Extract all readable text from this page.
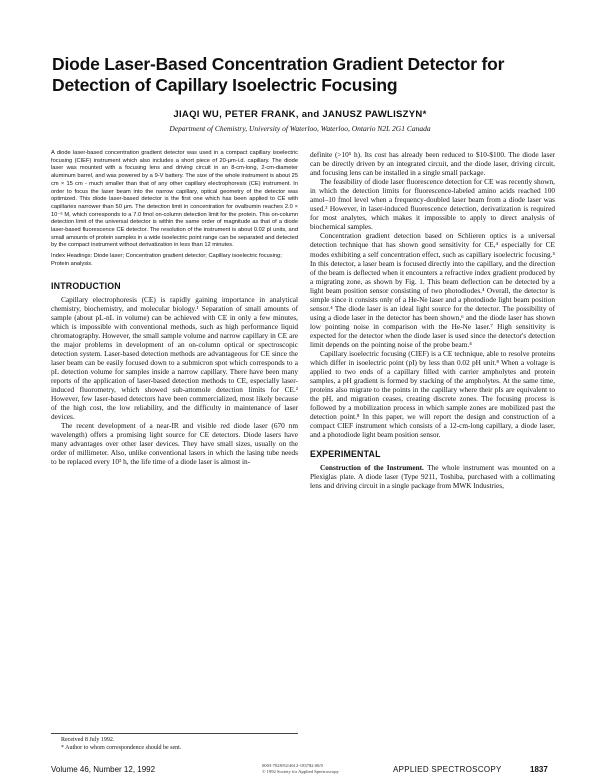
Diode Laser-Based Concentration Gradient Detector for Detection of Capillary Isoelectric Focusing
JIAQI WU, PETER FRANK, and JANUSZ PAWLISZYN*
Department of Chemistry, University of Waterloo, Waterloo, Ontario N2L 2G1 Canada

A diode laser-based concentration gradient detector was used in a compact capillary isoelectric focusing (CIEF) instrument which also includes a short piece of 20-μm-i.d. capillary. The diode laser was mounted with a focusing lens and driving circuit in an 8-cm-long, 2-cm-diameter aluminum barrel, and was powered by a 9-V battery. The size of the whole instrument is about 25 cm × 15 cm - much smaller than that of any other capillary electrophoresis (CE) instrument. In order to focus the laser beam into the narrow capillary, optical geometry of the detector was optimized. This diode laser-based detector is the first one which has been applied to CE with capillaries narrower than 50 μm. The detection limit in concentration for ovalbumin reaches 2.0 × 10⁻⁶ M, which corresponds to a 7.0 fmol on-column detection limit for the protein. This on-column detection limit of the universal detector is within the same order of magnitude as that of a diode laser-based fluorescence CE detector. The resolution of the instrument is about 0.02 pI units, and small amounts of protein samples in a wide isoelectric point range can be separated and detected by the compact instrument without derivatization in less than 12 minutes.

Index Headings: Diode laser; Concentration gradient detector; Capillary isoelectric focusing; Protein analysis.

INTRODUCTION

Capillary electrophoresis (CE) is rapidly gaining importance in analytical chemistry, biochemistry, and molecular biology.¹ Separation of small amounts of sample (about pL-nL in volume) can be achieved with CE in only a few minutes, which is impossible with conventional methods, such as high performance liquid chromatography. However, the small sample volume and narrow capillary in CE are the major problems in development of an on-column optical or spectroscopic detection system. Laser-based detection methods are advantageous for CE since the laser beam can be easily focused down to a submicron spot which corresponds to a pL detection volume for samples inside a narrow capillary. There have been many reports of the application of laser-based detection methods to CE, especially laser-induced fluorometry, which showed sub-attomole detection limits for CE.² However, few laser-based detectors have been commercialized, most likely because of the high cost, the low reliability, and the difficulty in maintenance of laser devices.

The recent development of a near-IR and visible red diode laser (670 nm wavelength) offers a promising light source for CE detectors. Diode lasers have many advantages over other laser devices. They have small sizes, usually on the order of millimeter. Also, unlike conventional lasers in which the lasing tube needs to be replaced every 10³ h, the life time of a diode laser is almost in-

definite (>10⁵ h). Its cost has already been reduced to $10-$100. The diode laser can be directly driven by an integrated circuit, and the diode laser, driving circuit, and focusing lens can be installed in a single small package.

The feasibility of diode laser fluorescence detection for CE was recently shown, in which the detection limits for fluorescence-labeled amino acids reached 100 amol–10 fmol level when a frequency-doubled laser beam from a diode laser was used.³ However, in laser-induced fluorescence detection, derivatization is required for most analytes, which makes it impossible to apply to direct analysis of biochemical samples.

Concentration gradient detection based on Schlieren optics is a universal detection technique that has shown good sensitivity for CE,⁴ especially for CE modes exhibiting a self concentration effect, such as capillary isoelectric focusing.⁵ In this detector, a laser beam is focused directly into the capillary, and the direction of the beam is deflected when it encounters a refractive index gradient produced by a migrating zone, as shown by Fig. 1. This beam deflection can be detected by a light beam position sensor consisting of two photodiodes.⁴ Overall, the detector is simple since it consists only of a He-Ne laser and a photodiode light beam position sensor.⁴ The diode laser is an ideal light source for the detector. The possibility of using a diode laser in the detector has been shown,⁶ and the diode laser has shown low pointing noise in comparison with the He-Ne laser.⁷ High sensitivity is expected for the detector when the diode laser is used since the detector's detection limit depends on the pointing noise of the probe beam.⁴

Capillary isoelectric focusing (CIEF) is a CE technique, able to resolve proteins which differ in isoelectric point (pI) by less than 0.02 pH unit.⁸ When a voltage is applied to two ends of a capillary filled with carrier ampholytes and protein samples, a pH gradient is formed by stacking of the ampholytes. At the same time, proteins also migrate to the points in the capillary where their pIs are equivalent to the pH, and migration ceases, creating discrete zones. The focusing process is followed by a mobilization process in which sample zones are mobilized past the detection point.⁸ In this paper, we will report the design and construction of a compact CIEF instrument which consists of a 12-cm-long capillary, a diode laser, and a photodiode light beam position sensor.

EXPERIMENTAL

Construction of the Instrument. The whole instrument was mounted on a Plexiglas plate. A diode laser (Type 9211, Toshiba, purchased with a collimating lens and driving circuit in a single package from MWK Industries,

Received 8 July 1992.
* Author to whom correspondence should be sent.
Volume 46, Number 12, 1992	0003-7028/92/4612-1837$2.00/0
© 1992 Society for Applied Spectroscopy	APPLIED SPECTROSCOPY	1837
